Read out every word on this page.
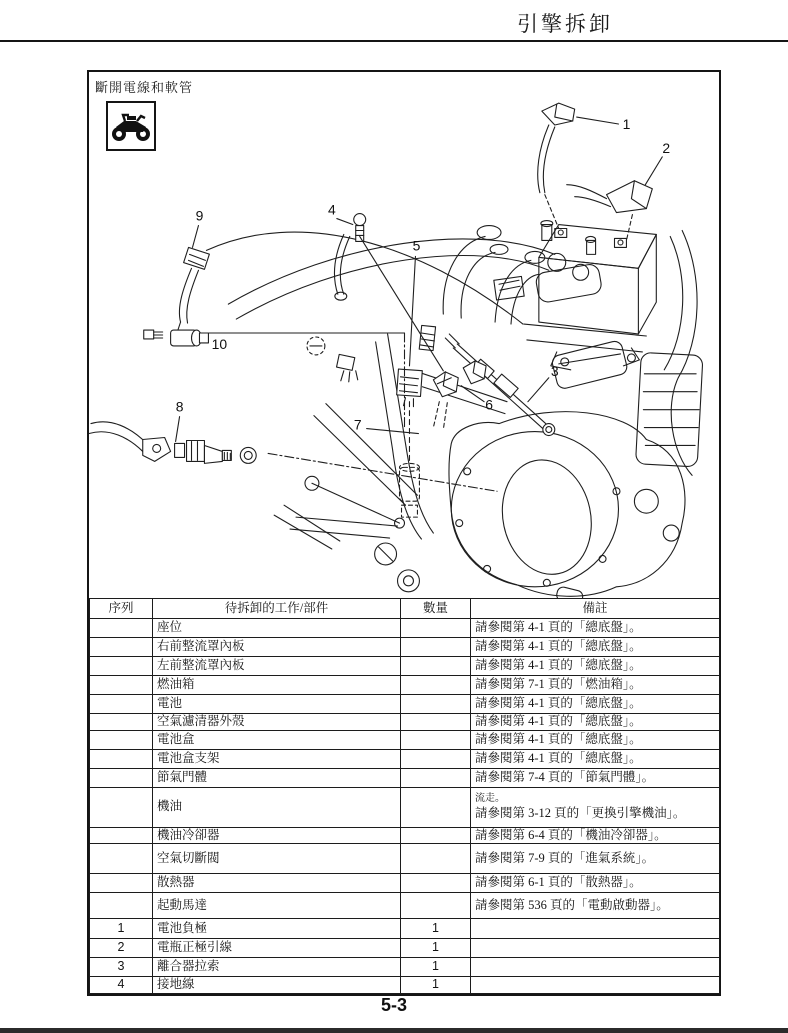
引擎拆卸
斷開電線和軟管
1
2
3
4
5
6
7
8
9
10
序列	待拆卸的工作/部件	數量	備註
	座位		請參閱第 4-1 頁的「總底盤」。
	右前整流罩內板		請參閱第 4-1 頁的「總底盤」。
	左前整流罩內板		請參閱第 4-1 頁的「總底盤」。
	燃油箱		請參閱第 7-1 頁的「燃油箱」。
	電池		請參閱第 4-1 頁的「總底盤」。
	空氣濾清器外殼		請參閱第 4-1 頁的「總底盤」。
	電池盒		請參閱第 4-1 頁的「總底盤」。
	電池盒支架		請參閱第 4-1 頁的「總底盤」。
	節氣門體		請參閱第 7-4 頁的「節氣門體」。
	機油		流走。
請參閱第 3-12 頁的「更換引擎機油」。

	機油冷卻器		請參閱第 6-4 頁的「機油冷卻器」。
	空氣切斷閥		請參閱第 7-9 頁的「進氣系統」。
	散熱器		請參閱第 6-1 頁的「散熱器」。
	起動馬達		請參閱第 536 頁的「電動啟動器」。
1	電池負極	1	
2	電瓶正極引線	1	
3	離合器拉索	1	
4	接地線	1	
5-3
